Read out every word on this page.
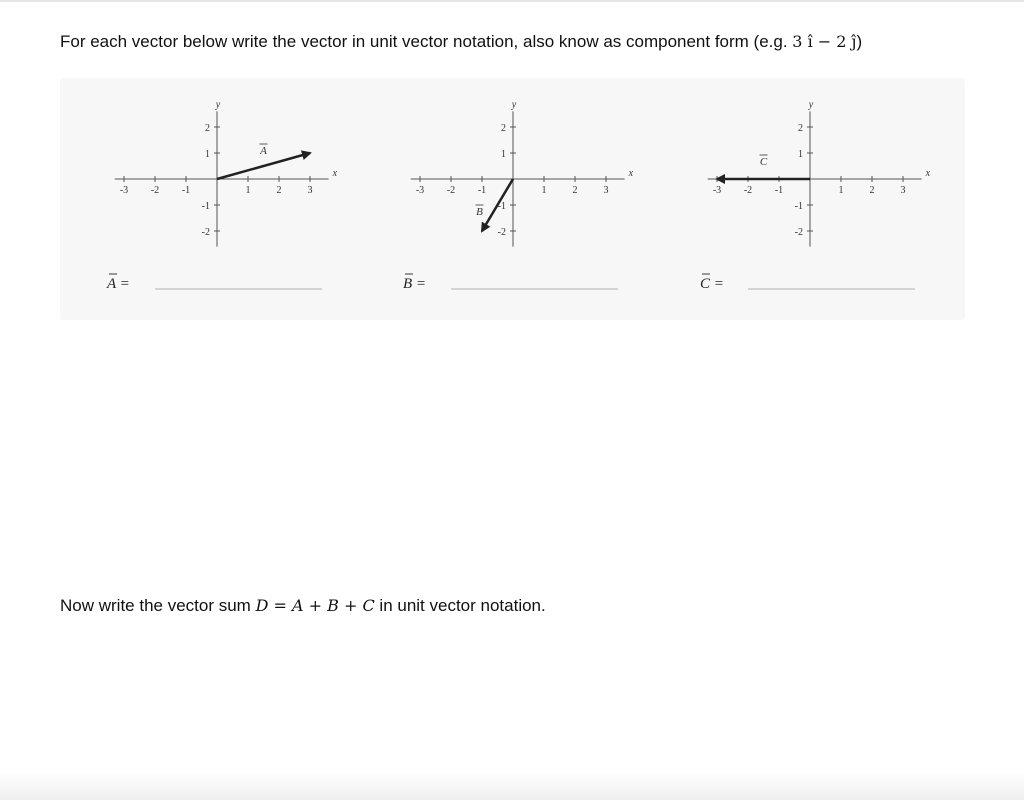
For each vector below write the vector in unit vector notation, also know as component form (e.g. 3 î − 2 ĵ)
-3 -2 -1	1	2	3
2
1
-1
-2
x
y
A
A =
-3 -2 -1	1	2	3
2
1
-1
-2
x
y
B
B =
-3 -2 -1	1	2	3
2
1
-1
-2
x
y
C
C =
Now write the vector sum D = A + B + C in unit vector notation.
